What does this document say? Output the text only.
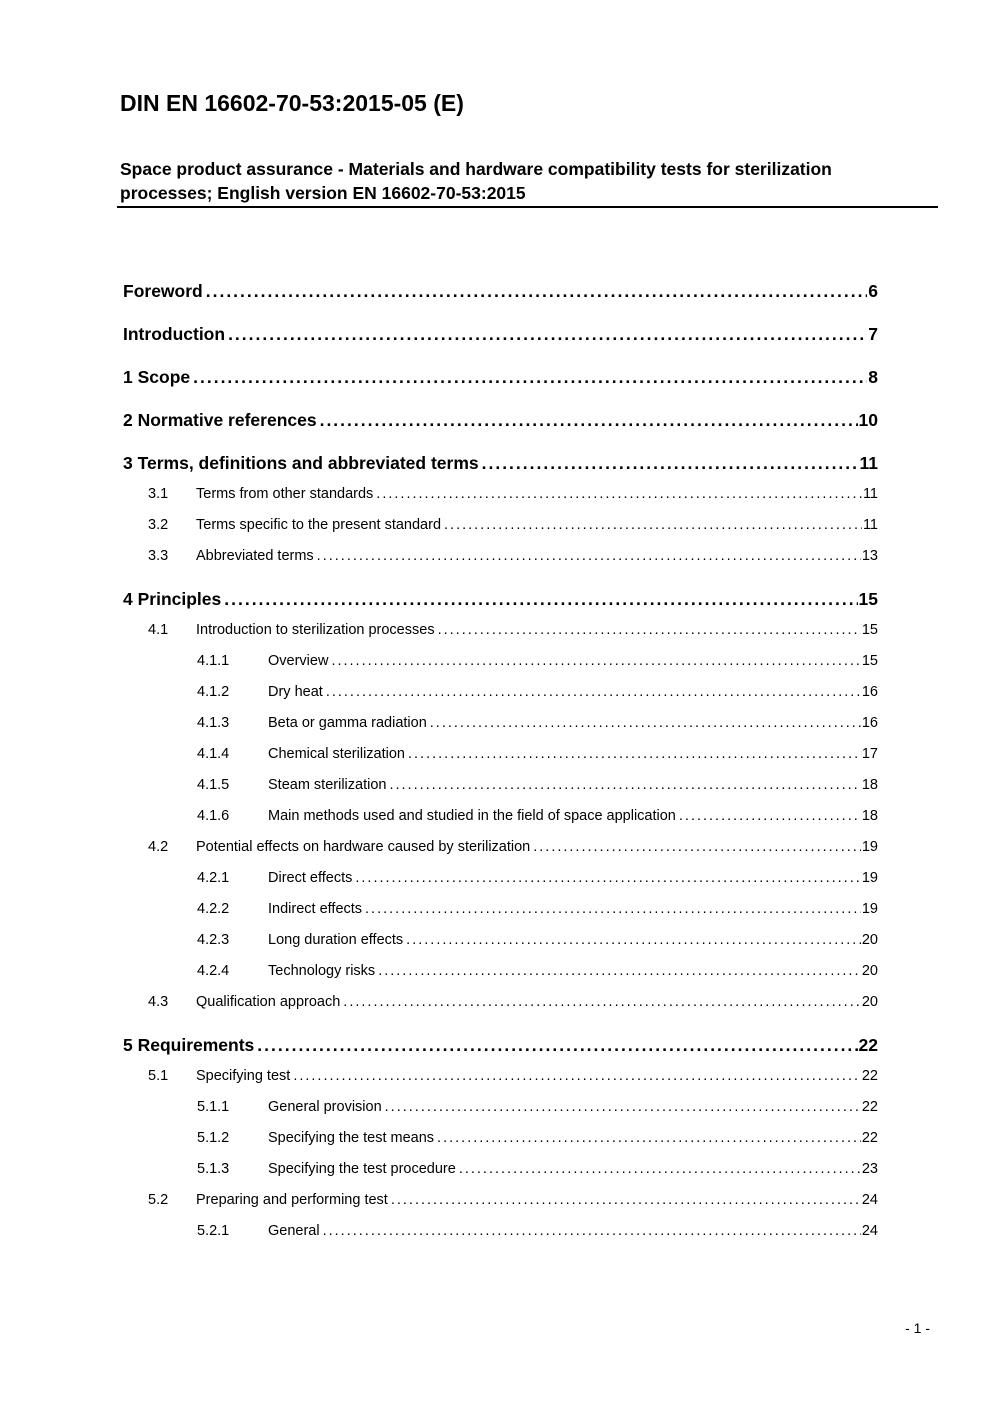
DIN EN 16602-70-53:2015-05 (E)
Space product assurance - Materials and hardware compatibility tests for sterilization processes; English version EN 16602-70-53:2015
Foreword .....	6
Introduction .....	7
1 Scope .....	8
2 Normative references .....	10
3 Terms, definitions and abbreviated terms .....	11
3.1	Terms from other standards .....	11
3.2	Terms specific to the present standard .....	11
3.3	Abbreviated terms .....	13
4 Principles .....	15
4.1	Introduction to sterilization processes .....	15
4.1.1	Overview .....	15
4.1.2	Dry heat .....	16
4.1.3	Beta or gamma radiation .....	16
4.1.4	Chemical sterilization .....	17
4.1.5	Steam sterilization .....	18
4.1.6	Main methods used and studied in the field of space application .....	18
4.2	Potential effects on hardware caused by sterilization .....	19
4.2.1	Direct effects .....	19
4.2.2	Indirect effects .....	19
4.2.3	Long duration effects .....	20
4.2.4	Technology risks .....	20
4.3	Qualification approach .....	20
5 Requirements .....	22
5.1	Specifying test .....	22
5.1.1	General provision .....	22
5.1.2	Specifying the test means .....	22
5.1.3	Specifying the test procedure .....	23
5.2	Preparing and performing test .....	24
5.2.1	General .....	24
- 1 -
